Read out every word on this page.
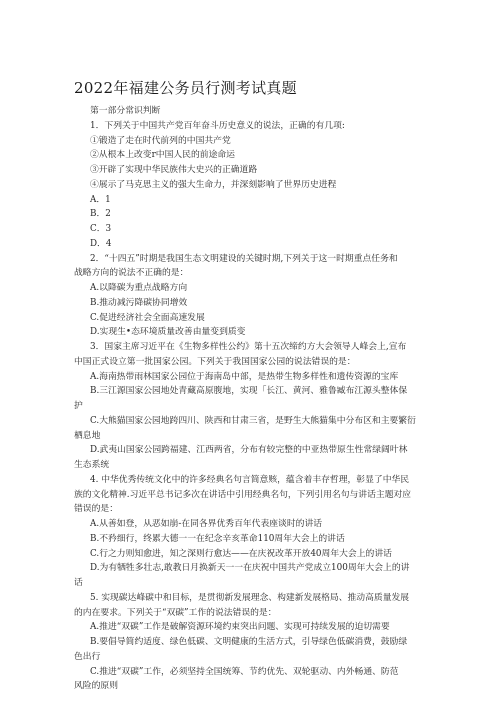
2022年福建公务员行测考试真题
第一部分常识判断
1．下列关于中国共产党百年奋斗历史意义的说法，正确的有几项:
①锻造了走在时代前列的中国共产党
②从根本上改变r中国人民的前途命运
③开辟了实现中华民族伟大史兴的正确道路
④展示了马克思主义的强大生命力，并深刻影响了世界历史进程
A．1
B．2
C．3
D．4
2．“十四五”时期是我国生态文明建设的关键时期,下列关于这一时期重点任务和
战略方向的说法不正确的是：
A.以降碳为重点战略方向
B.推动减污降碳协同增效
C.促进经济社会全面高速发展
D.实现生•态环境质量改善由量变到质变
3．国家主席习近平在《生物多样性公约》第十五次缔约方大会领导人峰会上,宣布
中国正式设立第一批国家公园。下列关于我国国家公园的说法错误的是：
A.海南热带雨林国家公园位于海南岛中部，是热带生物多样性和遗传资源的宝库
B.三江源国家公园地处青藏高原腹地，实现「长江、黄河、雅鲁臧布江源头整体保
护
C.大熊猫国家公园地跨四川、陕西和甘肃三省，是野生大熊猫集中分布区和主要繁衍
栖息地
D.武夷山国家公园跨福建、江西两省，分布有较完整的中亚热带原生性常绿阔叶林
生态系统
4. 中华优秀传统文化中的许多经典名句言简意赅，蕴含着丰存哲理，彰显了中华民
族的文化精神.习近平总书记多次在讲话中引用经典名句，下列引用名句与讲话主题对应
错误的是：
A.从善如登，从恶如崩-在同各界优秀百年代表座谈时的讲话
B.不矜细行，终累大德一一在纪念辛亥革命110周年大会上的讲话
C.行之力则知愈进，知之深则行愈达——在庆祝改革开放40周年大会上的讲话
D.为有牺牲多壮志,敢教日月换新天一一在庆祝中国共产党成立100周年大会上的讲
话
5. 实现碳达峰碳中和目标，是贯彻新发展理念、构建新发展格局、推动高质量发展
的内在要求。下列关于“双碳”工作的说法错误的是：
A.推进“双碳”工作是破解资源环境约束突出问题、实现可持续发展的迫切需要
B.要倡导简约适度、绿色低碳、文明健康的生活方式，引导绿色低碳消费，鼓励绿
色出行
C.推进“双碳”工作，必须坚持全国统筹、节约优先、双轮驱动、内外畅通、防范
风险的原则
